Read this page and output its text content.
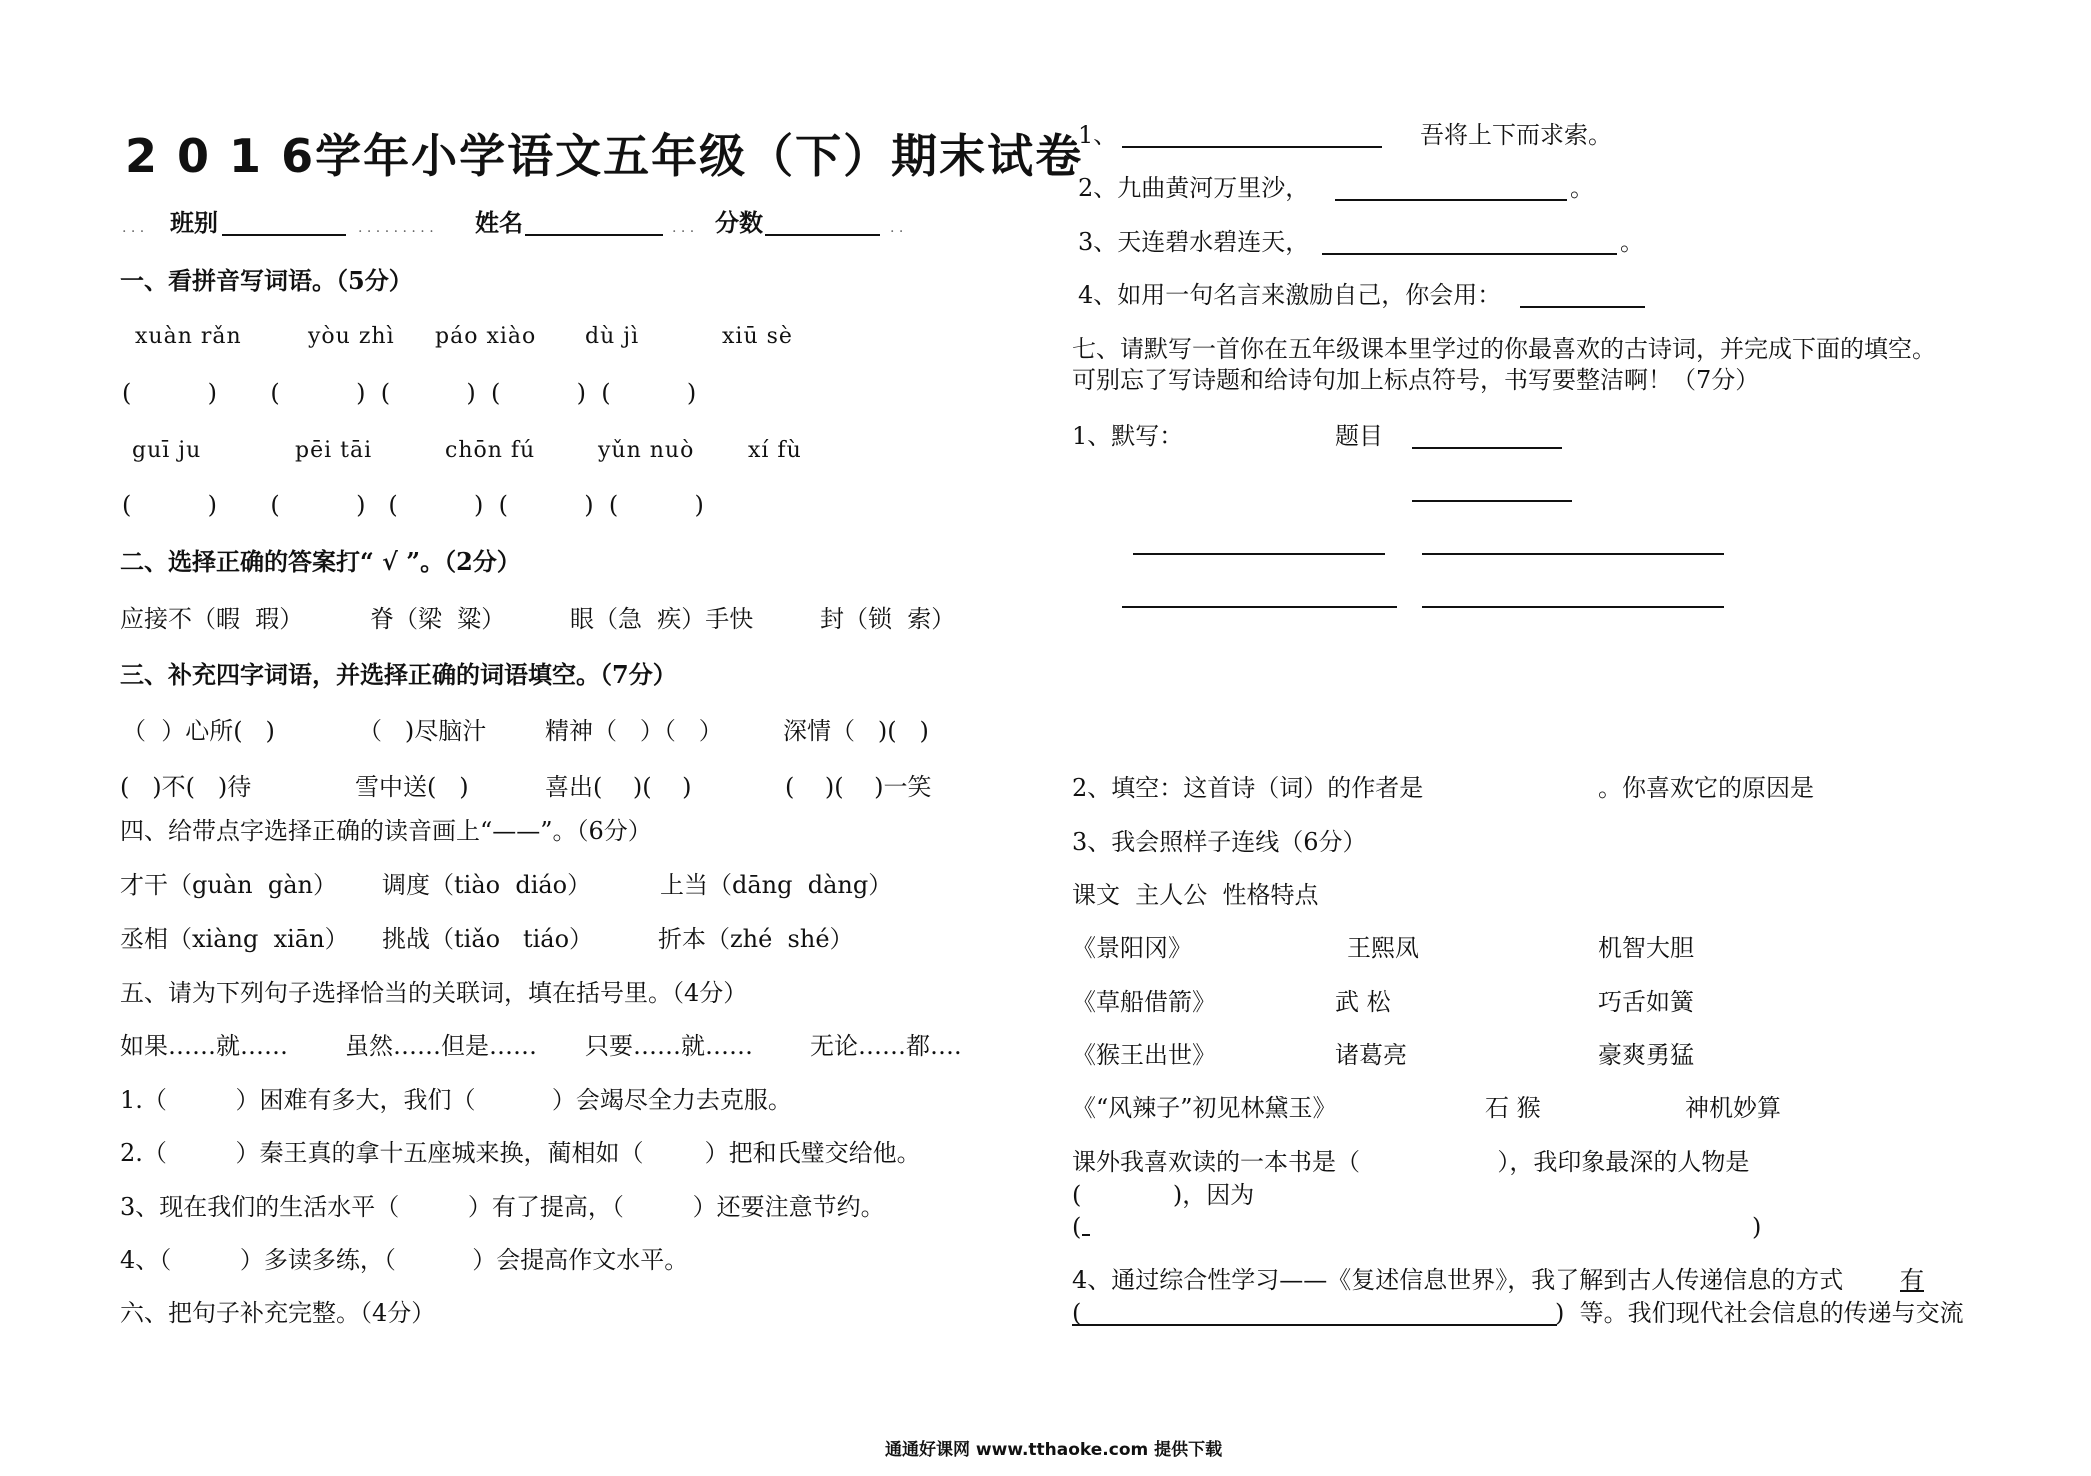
2 0 1 6学年小学语文五年级（下）期末试卷
. . . 班别	. . . . . . . . . 姓名	. . . 分数	. .
一、看拼音写词语。（5分）
xuàn rǎn	yòu zhì páo xiào dù jì	xiū sè
(          )       (          )  (          )  (          )  (          )
guī ju	pēi tāi	chōn fú	yǔn nuò xí fù
(          )       (          )   (          )  (          )  (          )
二、选择正确的答案打“ √ ”。（2分）
应接不（暇  瑕）	脊（梁  粱）	眼（急  疾）手快	封（锁  索）
三、补充四字词语，并选择正确的词语填空。（7分）
（  ）心所(   )	（   )尽脑汁 精神（   ）（   ）	深情（   )(   )
(   )不(   )待	雪中送(   )	喜出(    )(    )	(    )(    )一笑
四、给带点字选择正确的读音画上“——”。（6分）
才干（guàn  gàn） 调度（tiào  diáo）	上当（dāng  dàng）
丞相（xiàng  xiān） 挑战（tiǎo   tiáo）	折本（zhé  shé）
五、请为下列句子选择恰当的关联词，填在括号里。（4分）
如果……就…… 虽然……但是…… 只要……就…… 无论……都….
1.（         ）困难有多大，我们（          ）会竭尽全力去克服。
2.（         ）秦王真的拿十五座城来换，蔺相如（        ）把和氏璧交给他。
3、现在我们的生活水平（         ）有了提高，（         ）还要注意节约。
4、（         ）多读多练，（          ）会提高作文水平。
六、把句子补充完整。（4分）
1、	吾将上下而求索。
2、九曲黄河万里沙，	。
3、天连碧水碧连天，	。
4、如用一句名言来激励自己，你会用：
七、请默写一首你在五年级课本里学过的你最喜欢的古诗词，并完成下面的填空。
可别忘了写诗题和给诗句加上标点符号，书写要整洁啊！（7分）
1、默写：	题目
2、填空：这首诗（词）的作者是	。你喜欢它的原因是
3、我会照样子连线（6分）
课文  主人公  性格特点
《景阳冈》	王熙凤	机智大胆
《草船借箭》	武 松	巧舌如簧
《猴王出世》	诸葛亮	豪爽勇猛
《“风辣子”初见林黛玉》	石 猴	神机妙算
课外我喜欢读的一本书是（                  ），我印象最深的人物是
(            )，因为
(	)
4、通过综合性学习——《复述信息世界》，我了解到古人传递信息的方式 有
(	)  等。我们现代社会信息的传递与交流
通通好课网 www.tthaoke.com 提供下载
